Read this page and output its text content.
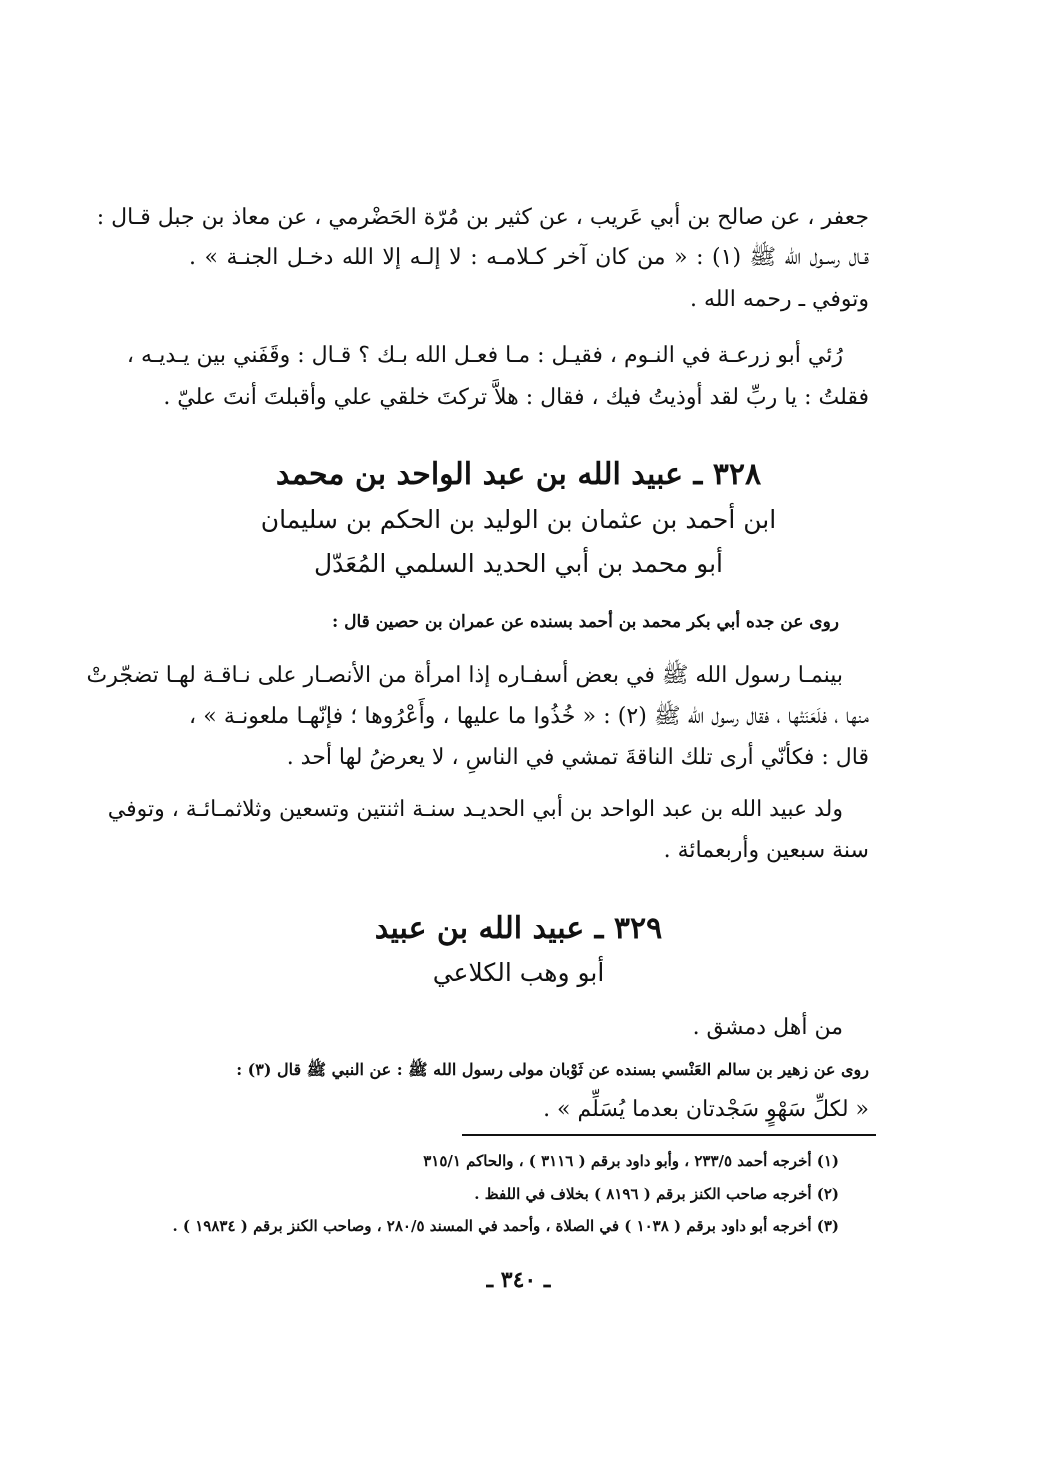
جعفر ، عن صالح بن أبي عَريب ، عن كثير بن مُرّة الحَضْرمي ، عن معاذ بن جبل قـال :
قـال رسـول الله ﷺ (١) : « من كان آخر كـلامـه : لا إلـه إلا الله دخـل الجنـة » .
وتوفي ـ رحمه الله .
رُئي أبو زرعـة في النـوم ، فقيـل : مـا فعـل الله بـك ؟ قـال : وقَفَني بين يـديـه ،
فقلتُ : يا ربِّ لقد أوذيتُ فيك ، فقال : هلاَّ تركتَ خلقي علي وأقبلتَ أنتَ عليّ .
٣٢٨ ـ عبيد الله بن عبد الواحد بن محمد
ابن أحمد بن عثمان بن الوليد بن الحكم بن سليمان
أبو محمد بن أبي الحديد السلمي المُعَدّل
روى عن جده أبي بكر محمد بن أحمد بسنده عن عمران بن حصين قال :
بينمـا رسول الله ﷺ في بعض أسفـاره إذا امرأة من الأنصـار على نـاقـة لهـا تضجّرتْ
منها ، فلَعَنَتْها ، فقال رسول الله ﷺ (٢) : « خُذُوا ما عليها ، وأَعْرُوها ؛ فإنّهـا ملعونـة » ،
قال : فكأنّي أرى تلك الناقةَ تمشي في الناسِ ، لا يعرضُ لها أحد .
ولد عبيد الله بن عبد الواحد بن أبي الحديـد سنـة اثنتين وتسعين وثلاثمـائـة ، وتوفي
سنة سبعين وأربعمائة .
٣٢٩ ـ عبيد الله بن عبيد
أبو وهب الكلاعي
من أهل دمشق .
روى عن زهير بن سالم العَنْسي بسنده عن ثَوْبان مولى رسول الله ﷺ : عن النبي ﷺ قال (٣) :
« لكلِّ سَهْوٍ سَجْدتان بعدما يُسَلِّم » .
(١) أخرجه أحمد ٢٣٣/٥ ، وأبو داود برقم ( ٣١١٦ ) ، والحاكم ٣١٥/١
(٢) أخرجه صاحب الكنز برقم ( ٨١٩٦ ) بخلاف في اللفظ .
(٣) أخرجه أبو داود برقم ( ١٠٣٨ ) في الصلاة ، وأحمد في المسند ٢٨٠/٥ ، وصاحب الكنز برقم ( ١٩٨٣٤ ) .
ـ ٣٤٠ ـ
